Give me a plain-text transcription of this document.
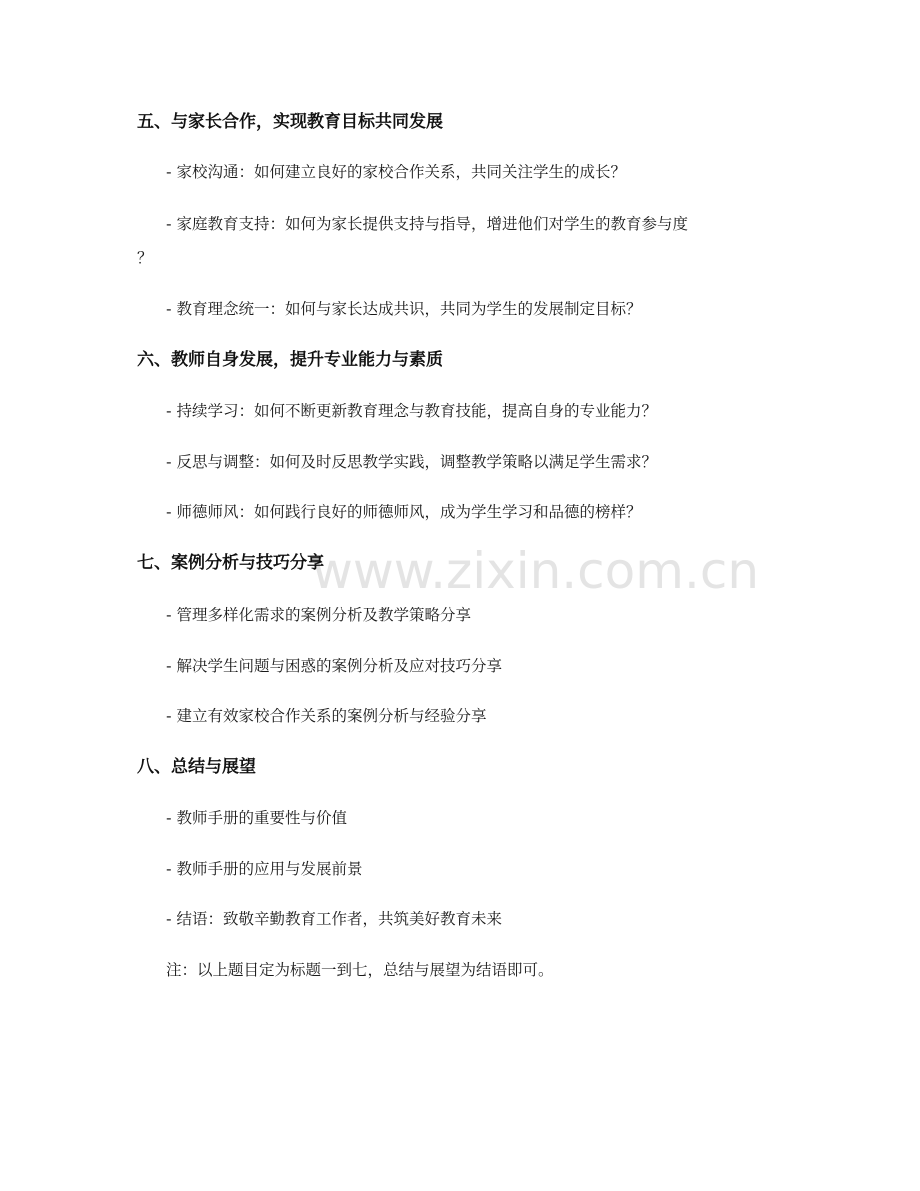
www.zixin.com.cn
五、与家长合作，实现教育目标共同发展
- 家校沟通：如何建立良好的家校合作关系，共同关注学生的成长？
- 家庭教育支持：如何为家长提供支持与指导，增进他们对学生的教育参与度
？
- 教育理念统一：如何与家长达成共识，共同为学生的发展制定目标？
六、教师自身发展，提升专业能力与素质
- 持续学习：如何不断更新教育理念与教育技能，提高自身的专业能力？
- 反思与调整：如何及时反思教学实践，调整教学策略以满足学生需求？
- 师德师风：如何践行良好的师德师风，成为学生学习和品德的榜样？
七、案例分析与技巧分享
- 管理多样化需求的案例分析及教学策略分享
- 解决学生问题与困惑的案例分析及应对技巧分享
- 建立有效家校合作关系的案例分析与经验分享
八、总结与展望
- 教师手册的重要性与价值
- 教师手册的应用与发展前景
- 结语：致敬辛勤教育工作者，共筑美好教育未来
注：以上题目定为标题一到七，总结与展望为结语即可。
